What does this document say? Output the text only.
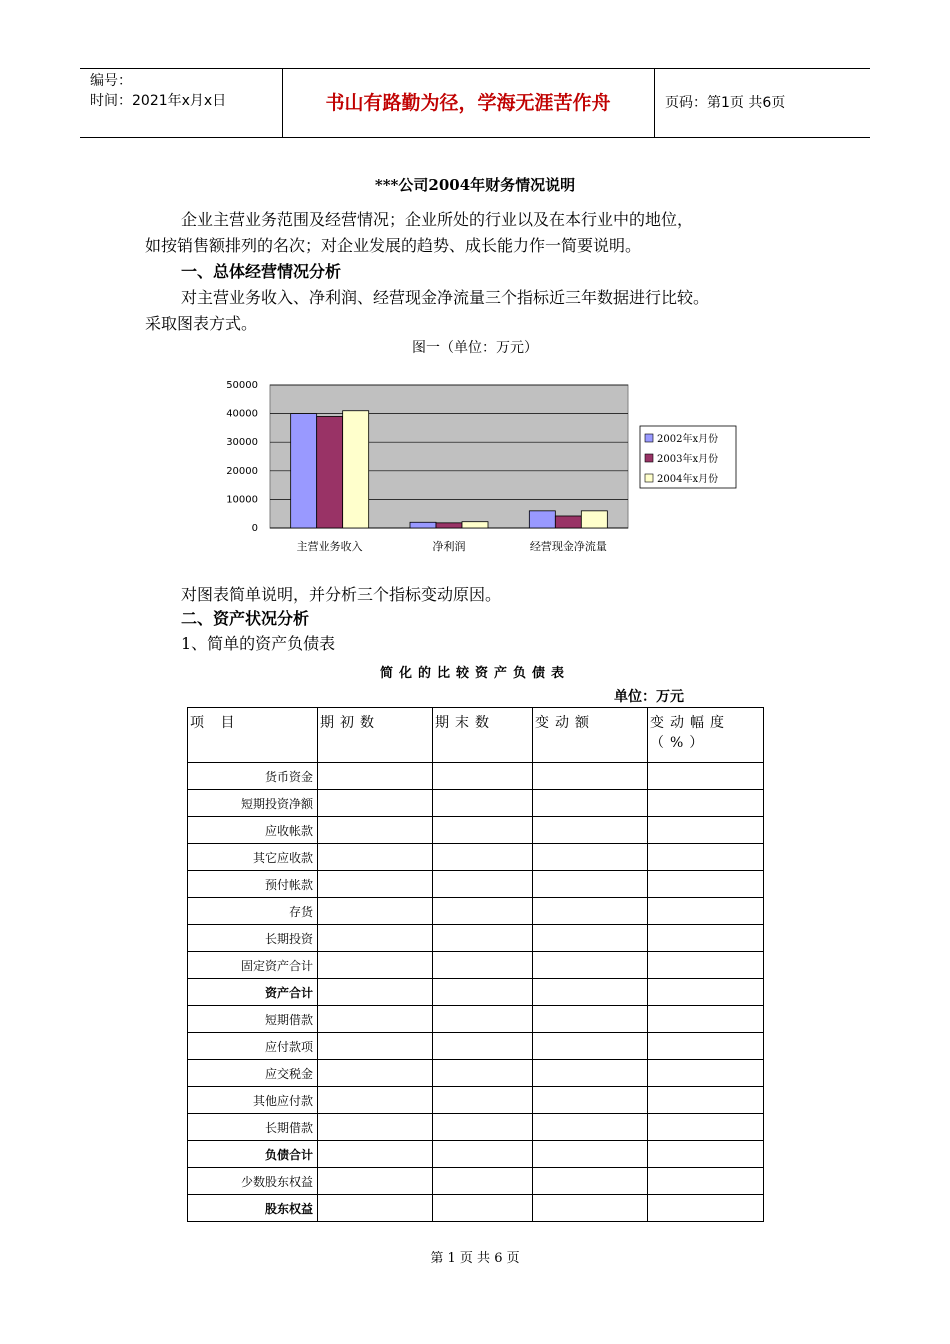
编号：
时间：2021年x月x日	书山有路勤为径，学海无涯苦作舟	页码：第1页 共6页
***公司2004年财务情况说明
企业主营业务范围及经营情况；企业所处的行业以及在本行业中的地位，
如按销售额排列的名次；对企业发展的趋势、成长能力作一简要说明。
一、总体经营情况分析
对主营业务收入、净利润、经营现金净流量三个指标近三年数据进行比较。
采取图表方式。
图一（单位：万元）
50000
40000
30000
20000
10000
0
主营业务收入	净利润	经营现金净流量
2002年x月份
2003年x月份
2004年x月份
对图表简单说明，并分析三个指标变动原因。
二、资产状况分析
1、简单的资产负债表
简化的比较资产负债表
单位：万元
项 目	期初数	期末数	变动额	变动幅度（%）
货币资金				
短期投资净额				
应收帐款				
其它应收款				
预付帐款				
存货				
长期投资				
固定资产合计				
资产合计				
短期借款				
应付款项				
应交税金				
其他应付款				
长期借款				
负债合计				
少数股东权益				
股东权益				
第 1 页 共 6 页
